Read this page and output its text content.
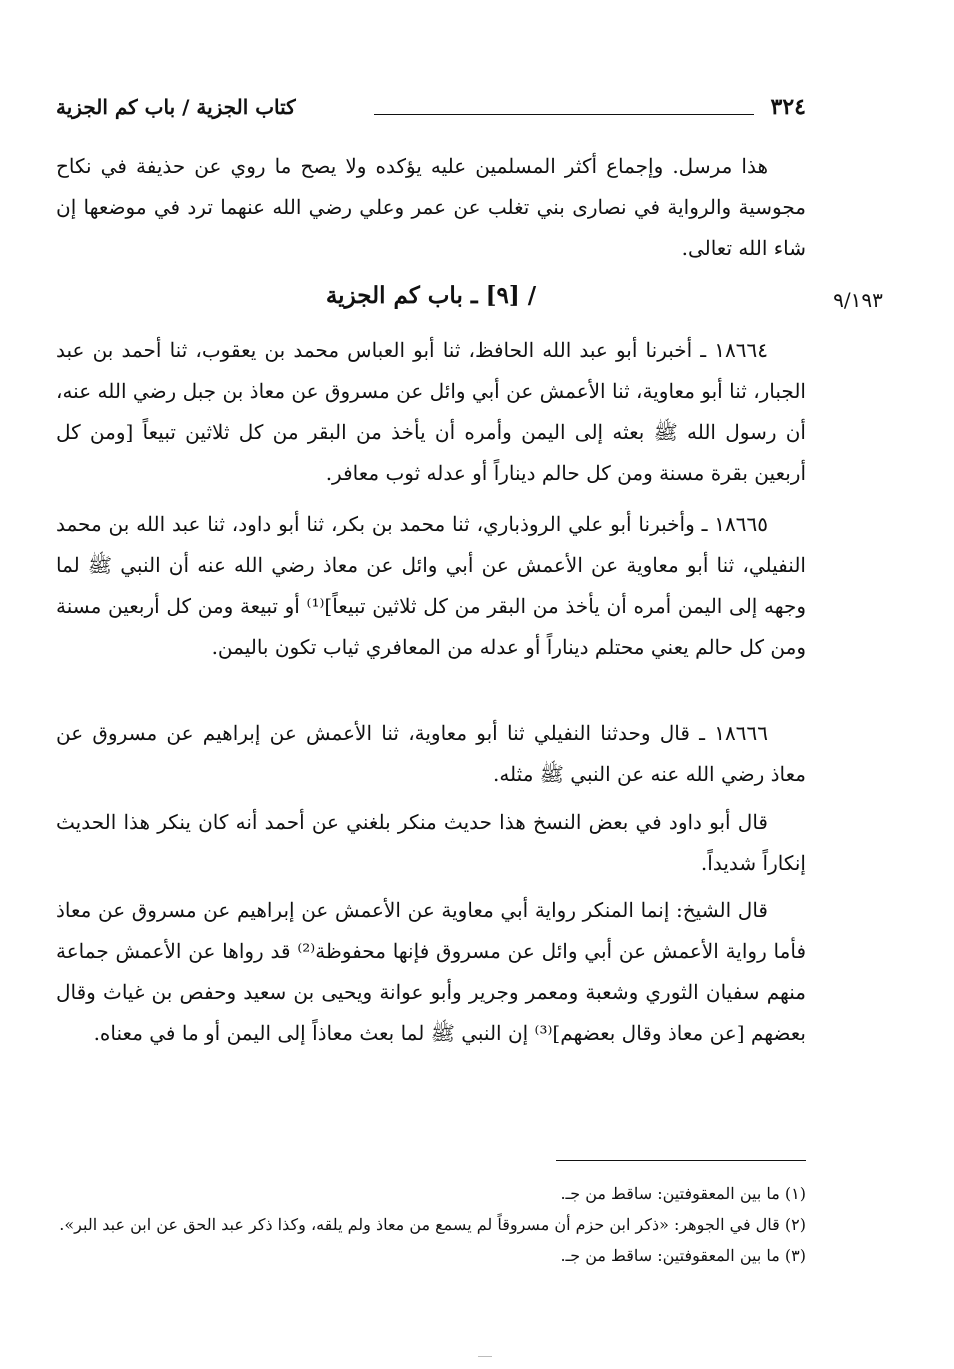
٣٢٤
كتاب الجزية / باب كم الجزية

هذا مرسل. وإجماع أكثر المسلمين عليه يؤكده ولا يصح ما روي عن حذيفة في نكاح مجوسية والرواية في نصارى بني تغلب عن عمر وعلي رضي الله عنهما ترد في موضعها إن شاء الله تعالى.

/ [٩] ـ باب كم الجزية	٩/١٩٣

١٨٦٦٤ ـ أخبرنا أبو عبد الله الحافظ، ثنا أبو العباس محمد بن يعقوب، ثنا أحمد بن عبد الجبار، ثنا أبو معاوية، ثنا الأعمش عن أبي وائل عن مسروق عن معاذ بن جبل رضي الله عنه، أن رسول الله ﷺ بعثه إلى اليمن وأمره أن يأخذ من البقر من كل ثلاثين تبيعاً [ومن كل أربعين بقرة مسنة ومن كل حالم ديناراً أو عدله ثوب معافر.

١٨٦٦٥ ـ وأخبرنا أبو علي الروذباري، ثنا محمد بن بكر، ثنا أبو داود، ثنا عبد الله بن محمد النفيلي، ثنا أبو معاوية عن الأعمش عن أبي وائل عن معاذ رضي الله عنه أن النبي ﷺ لما وجهه إلى اليمن أمره أن يأخذ من البقر من كل ثلاثين تبيعاً]⁽¹⁾ أو تبيعة ومن كل أربعين مسنة ومن كل حالم يعني محتلم ديناراً أو عدله من المعافري ثياب تكون باليمن.

١٨٦٦٦ ـ قال وحدثنا النفيلي ثنا أبو معاوية، ثنا الأعمش عن إبراهيم عن مسروق عن معاذ رضي الله عنه عن النبي ﷺ مثله.

قال أبو داود في بعض النسخ هذا حديث منكر بلغني عن أحمد أنه كان ينكر هذا الحديث إنكاراً شديداً.

قال الشيخ: إنما المنكر رواية أبي معاوية عن الأعمش عن إبراهيم عن مسروق عن معاذ فأما رواية الأعمش عن أبي وائل عن مسروق فإنها محفوظة⁽²⁾ قد رواها عن الأعمش جماعة منهم سفيان الثوري وشعبة ومعمر وجرير وأبو عوانة ويحيى بن سعيد وحفص بن غياث وقال بعضهم [عن معاذ وقال بعضهم]⁽³⁾ إن النبي ﷺ لما بعث معاذاً إلى اليمن أو ما في معناه.

(١) ما بين المعقوفتين: ساقط من جـ.

(٢) قال في الجوهر: «ذكر ابن حزم أن مسروقاً لم يسمع من معاذ ولم يلقه، وكذا ذكر عبد الحق عن ابن عبد البر».

(٣) ما بين المعقوفتين: ساقط من جـ.
